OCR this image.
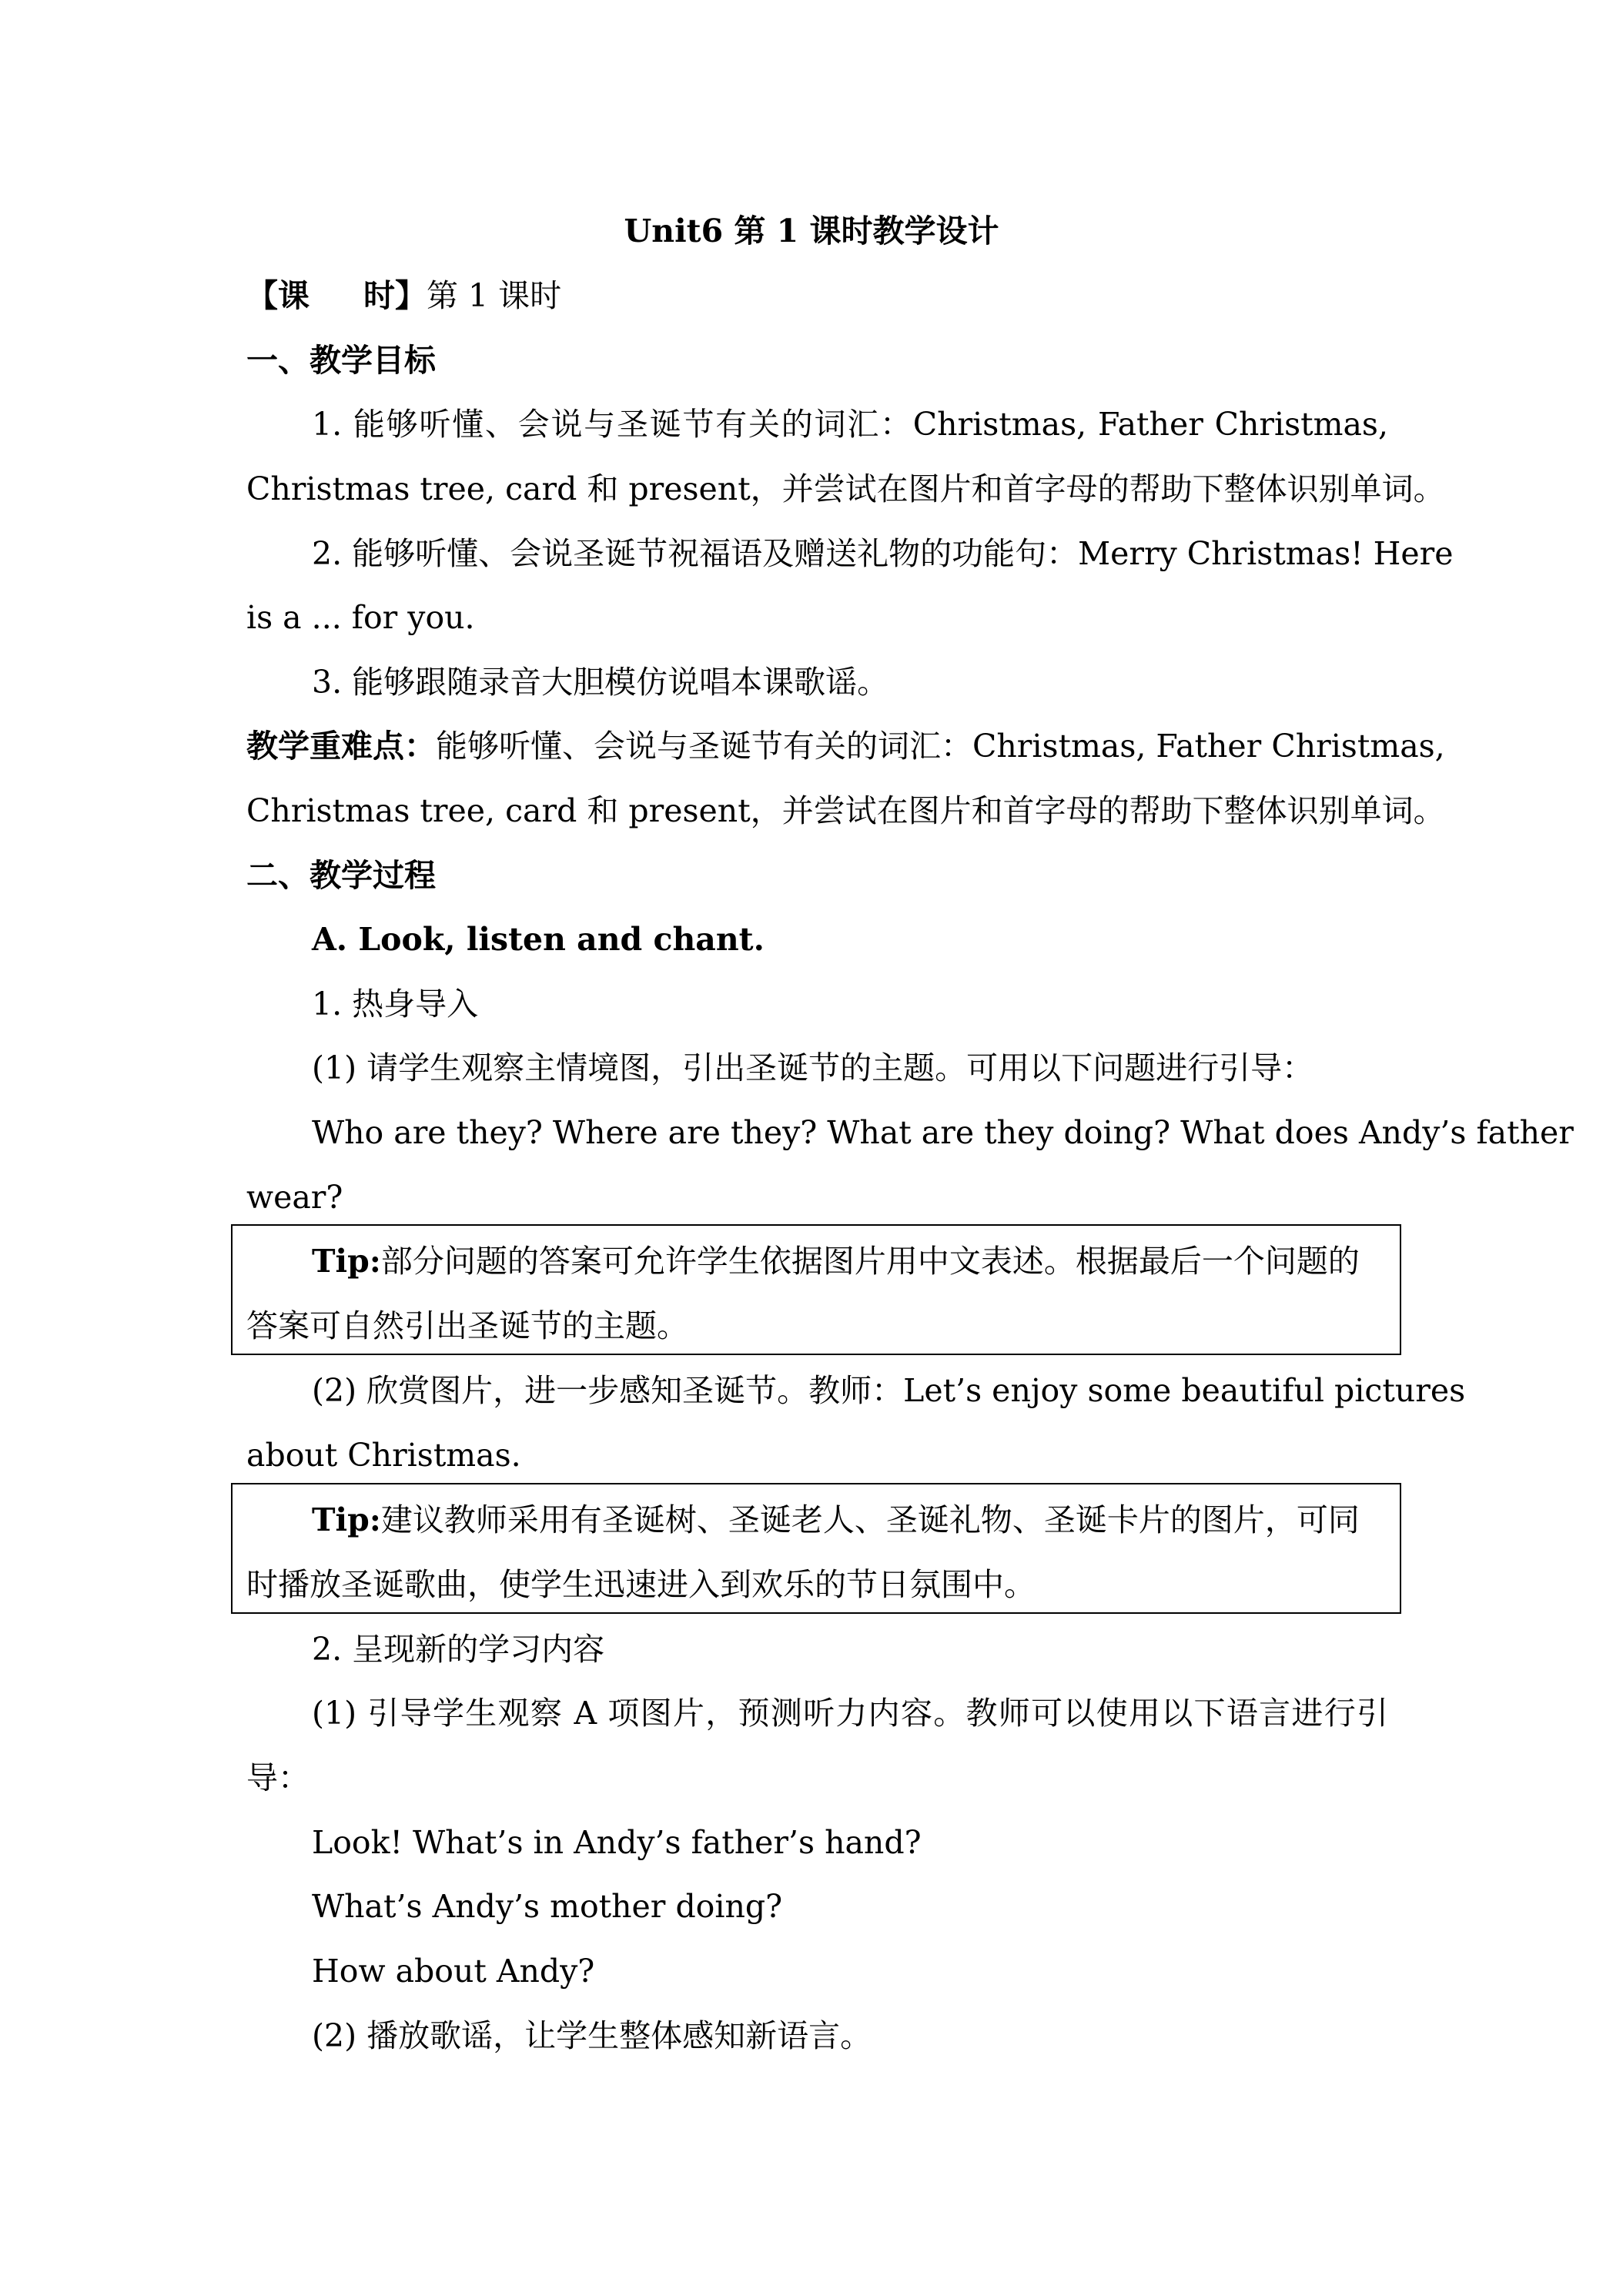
Unit6 第 1 课时教学设计
【课 时】第 1 课时
一、教学目标
1. 能够听懂、会说与圣诞节有关的词汇：Christmas, Father Christmas,
Christmas tree, card 和 present，并尝试在图片和首字母的帮助下整体识别单词。
2. 能够听懂、会说圣诞节祝福语及赠送礼物的功能句：Merry Christmas! Here
is a ... for you.
3. 能够跟随录音大胆模仿说唱本课歌谣。
教学重难点：能够听懂、会说与圣诞节有关的词汇：Christmas, Father Christmas,
Christmas tree, card 和 present，并尝试在图片和首字母的帮助下整体识别单词。
二、教学过程
A. Look, listen and chant.
1. 热身导入
(1) 请学生观察主情境图，引出圣诞节的主题。可用以下问题进行引导：
Who are they? Where are they? What are they doing? What does Andy’s father
wear?
Tip:部分问题的答案可允许学生依据图片用中文表述。根据最后一个问题的
答案可自然引出圣诞节的主题。
(2) 欣赏图片，进一步感知圣诞节。教师：Let’s enjoy some beautiful pictures
about Christmas.
Tip:建议教师采用有圣诞树、圣诞老人、圣诞礼物、圣诞卡片的图片，可同
时播放圣诞歌曲，使学生迅速进入到欢乐的节日氛围中。
2. 呈现新的学习内容
(1) 引导学生观察 A 项图片，预测听力内容。教师可以使用以下语言进行引
导：
Look! What’s in Andy’s father’s hand?
What’s Andy’s mother doing?
How about Andy?
(2) 播放歌谣，让学生整体感知新语言。
